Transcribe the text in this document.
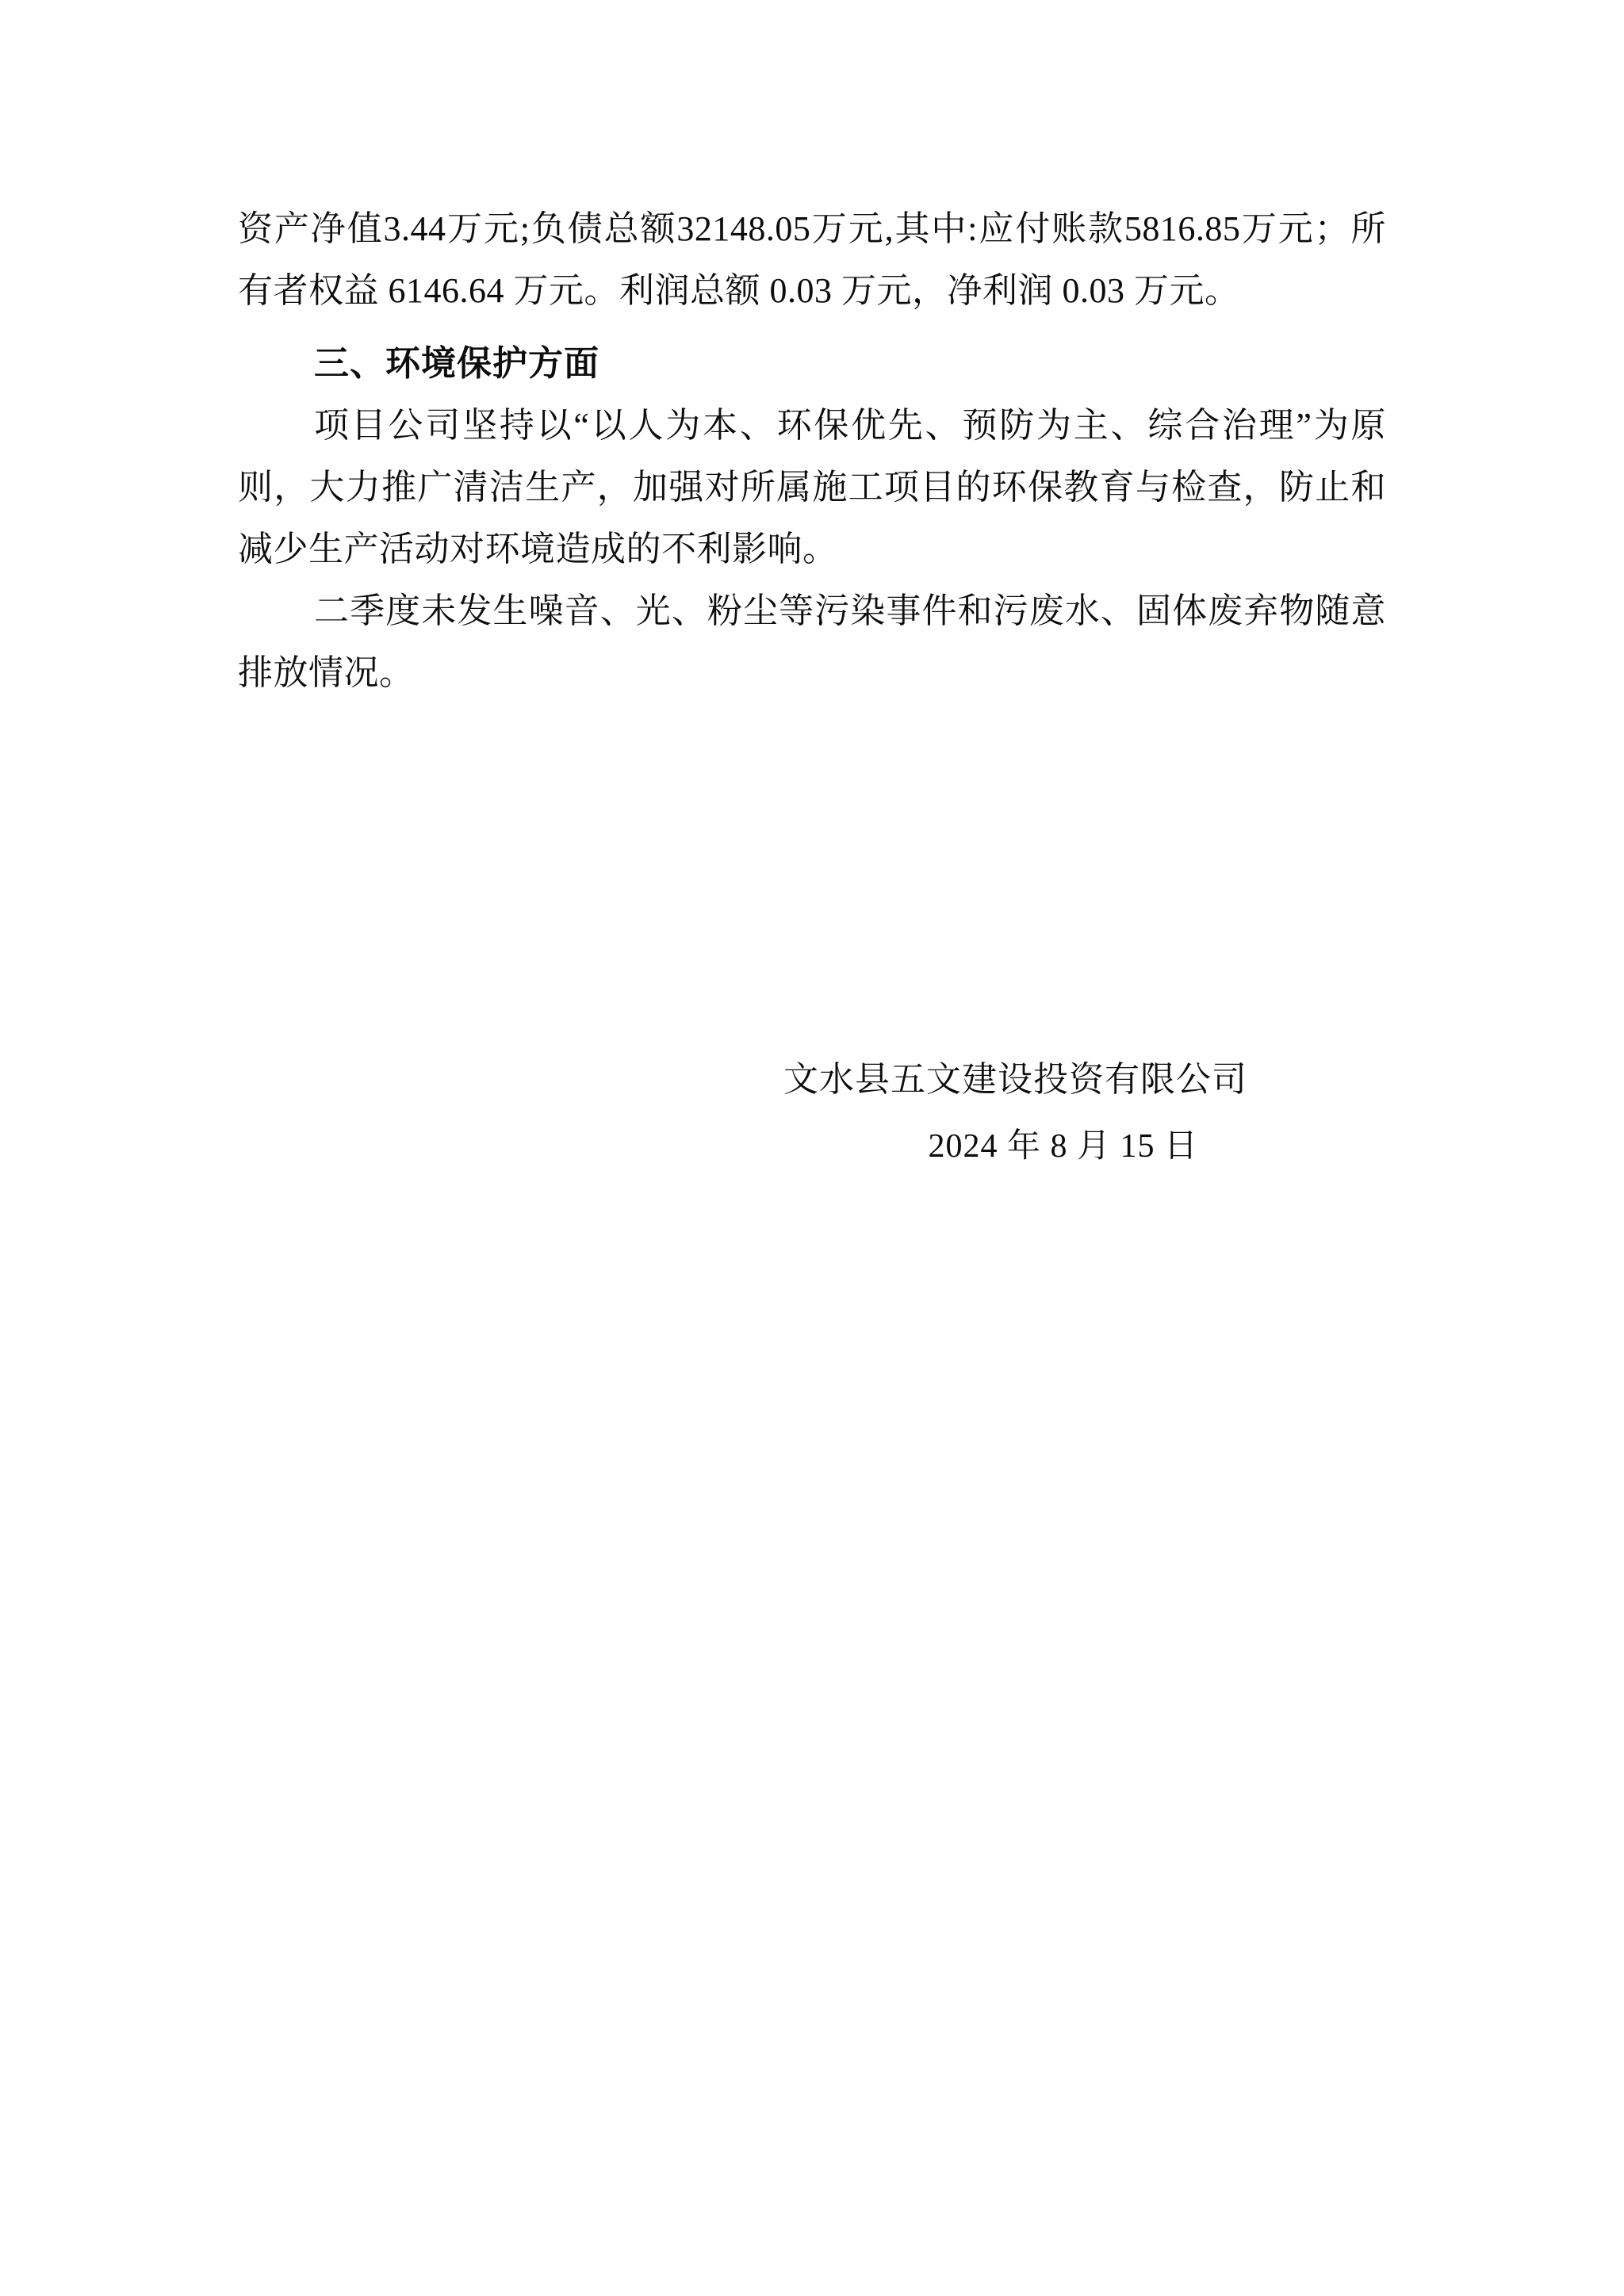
资产净值3.44万元;负债总额32148.05万元,其中:应付账款5816.85万元；所有者权益 6146.64 万元。利润总额 0.03 万元，净利润 0.03 万元。

三、环境保护方面

项目公司坚持以“以人为本、环保优先、预防为主、综合治理”为原则，大力推广清洁生产，加强对所属施工项目的环保教育与检查，防止和减少生产活动对环境造成的不利影响。

二季度未发生噪音、光、粉尘等污染事件和污废水、固体废弃物随意排放情况。

文水县五文建设投资有限公司
2024 年 8 月 15 日
